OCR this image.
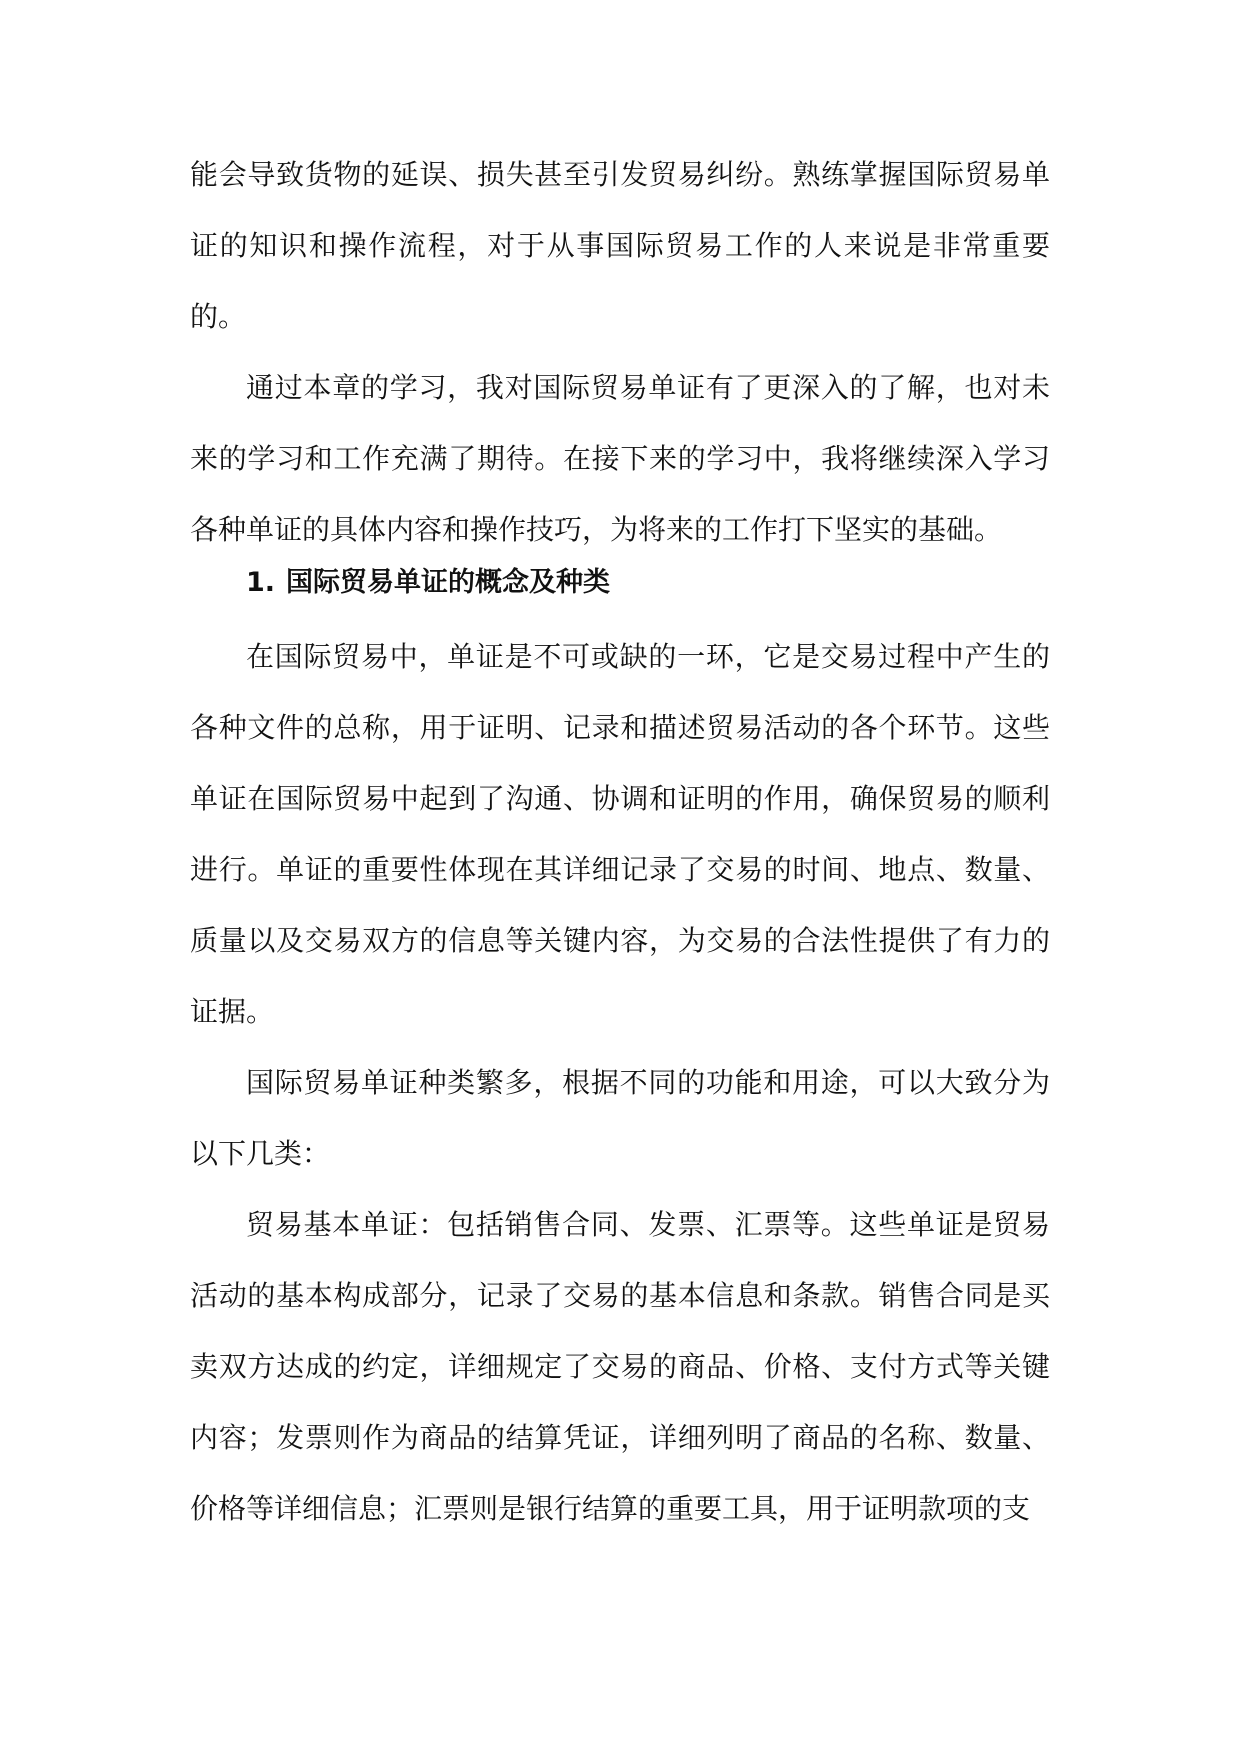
能会导致货物的延误、损失甚至引发贸易纠纷。熟练掌握国际贸易单证的知识和操作流程，对于从事国际贸易工作的人来说是非常重要的。

通过本章的学习，我对国际贸易单证有了更深入的了解，也对未来的学习和工作充满了期待。在接下来的学习中，我将继续深入学习各种单证的具体内容和操作技巧，为将来的工作打下坚实的基础。

1. 国际贸易单证的概念及种类

在国际贸易中，单证是不可或缺的一环，它是交易过程中产生的各种文件的总称，用于证明、记录和描述贸易活动的各个环节。这些单证在国际贸易中起到了沟通、协调和证明的作用，确保贸易的顺利进行。单证的重要性体现在其详细记录了交易的时间、地点、数量、质量以及交易双方的信息等关键内容，为交易的合法性提供了有力的证据。

国际贸易单证种类繁多，根据不同的功能和用途，可以大致分为以下几类：

贸易基本单证：包括销售合同、发票、汇票等。这些单证是贸易活动的基本构成部分，记录了交易的基本信息和条款。销售合同是买卖双方达成的约定，详细规定了交易的商品、价格、支付方式等关键内容；发票则作为商品的结算凭证，详细列明了商品的名称、数量、价格等详细信息；汇票则是银行结算的重要工具，用于证明款项的支
